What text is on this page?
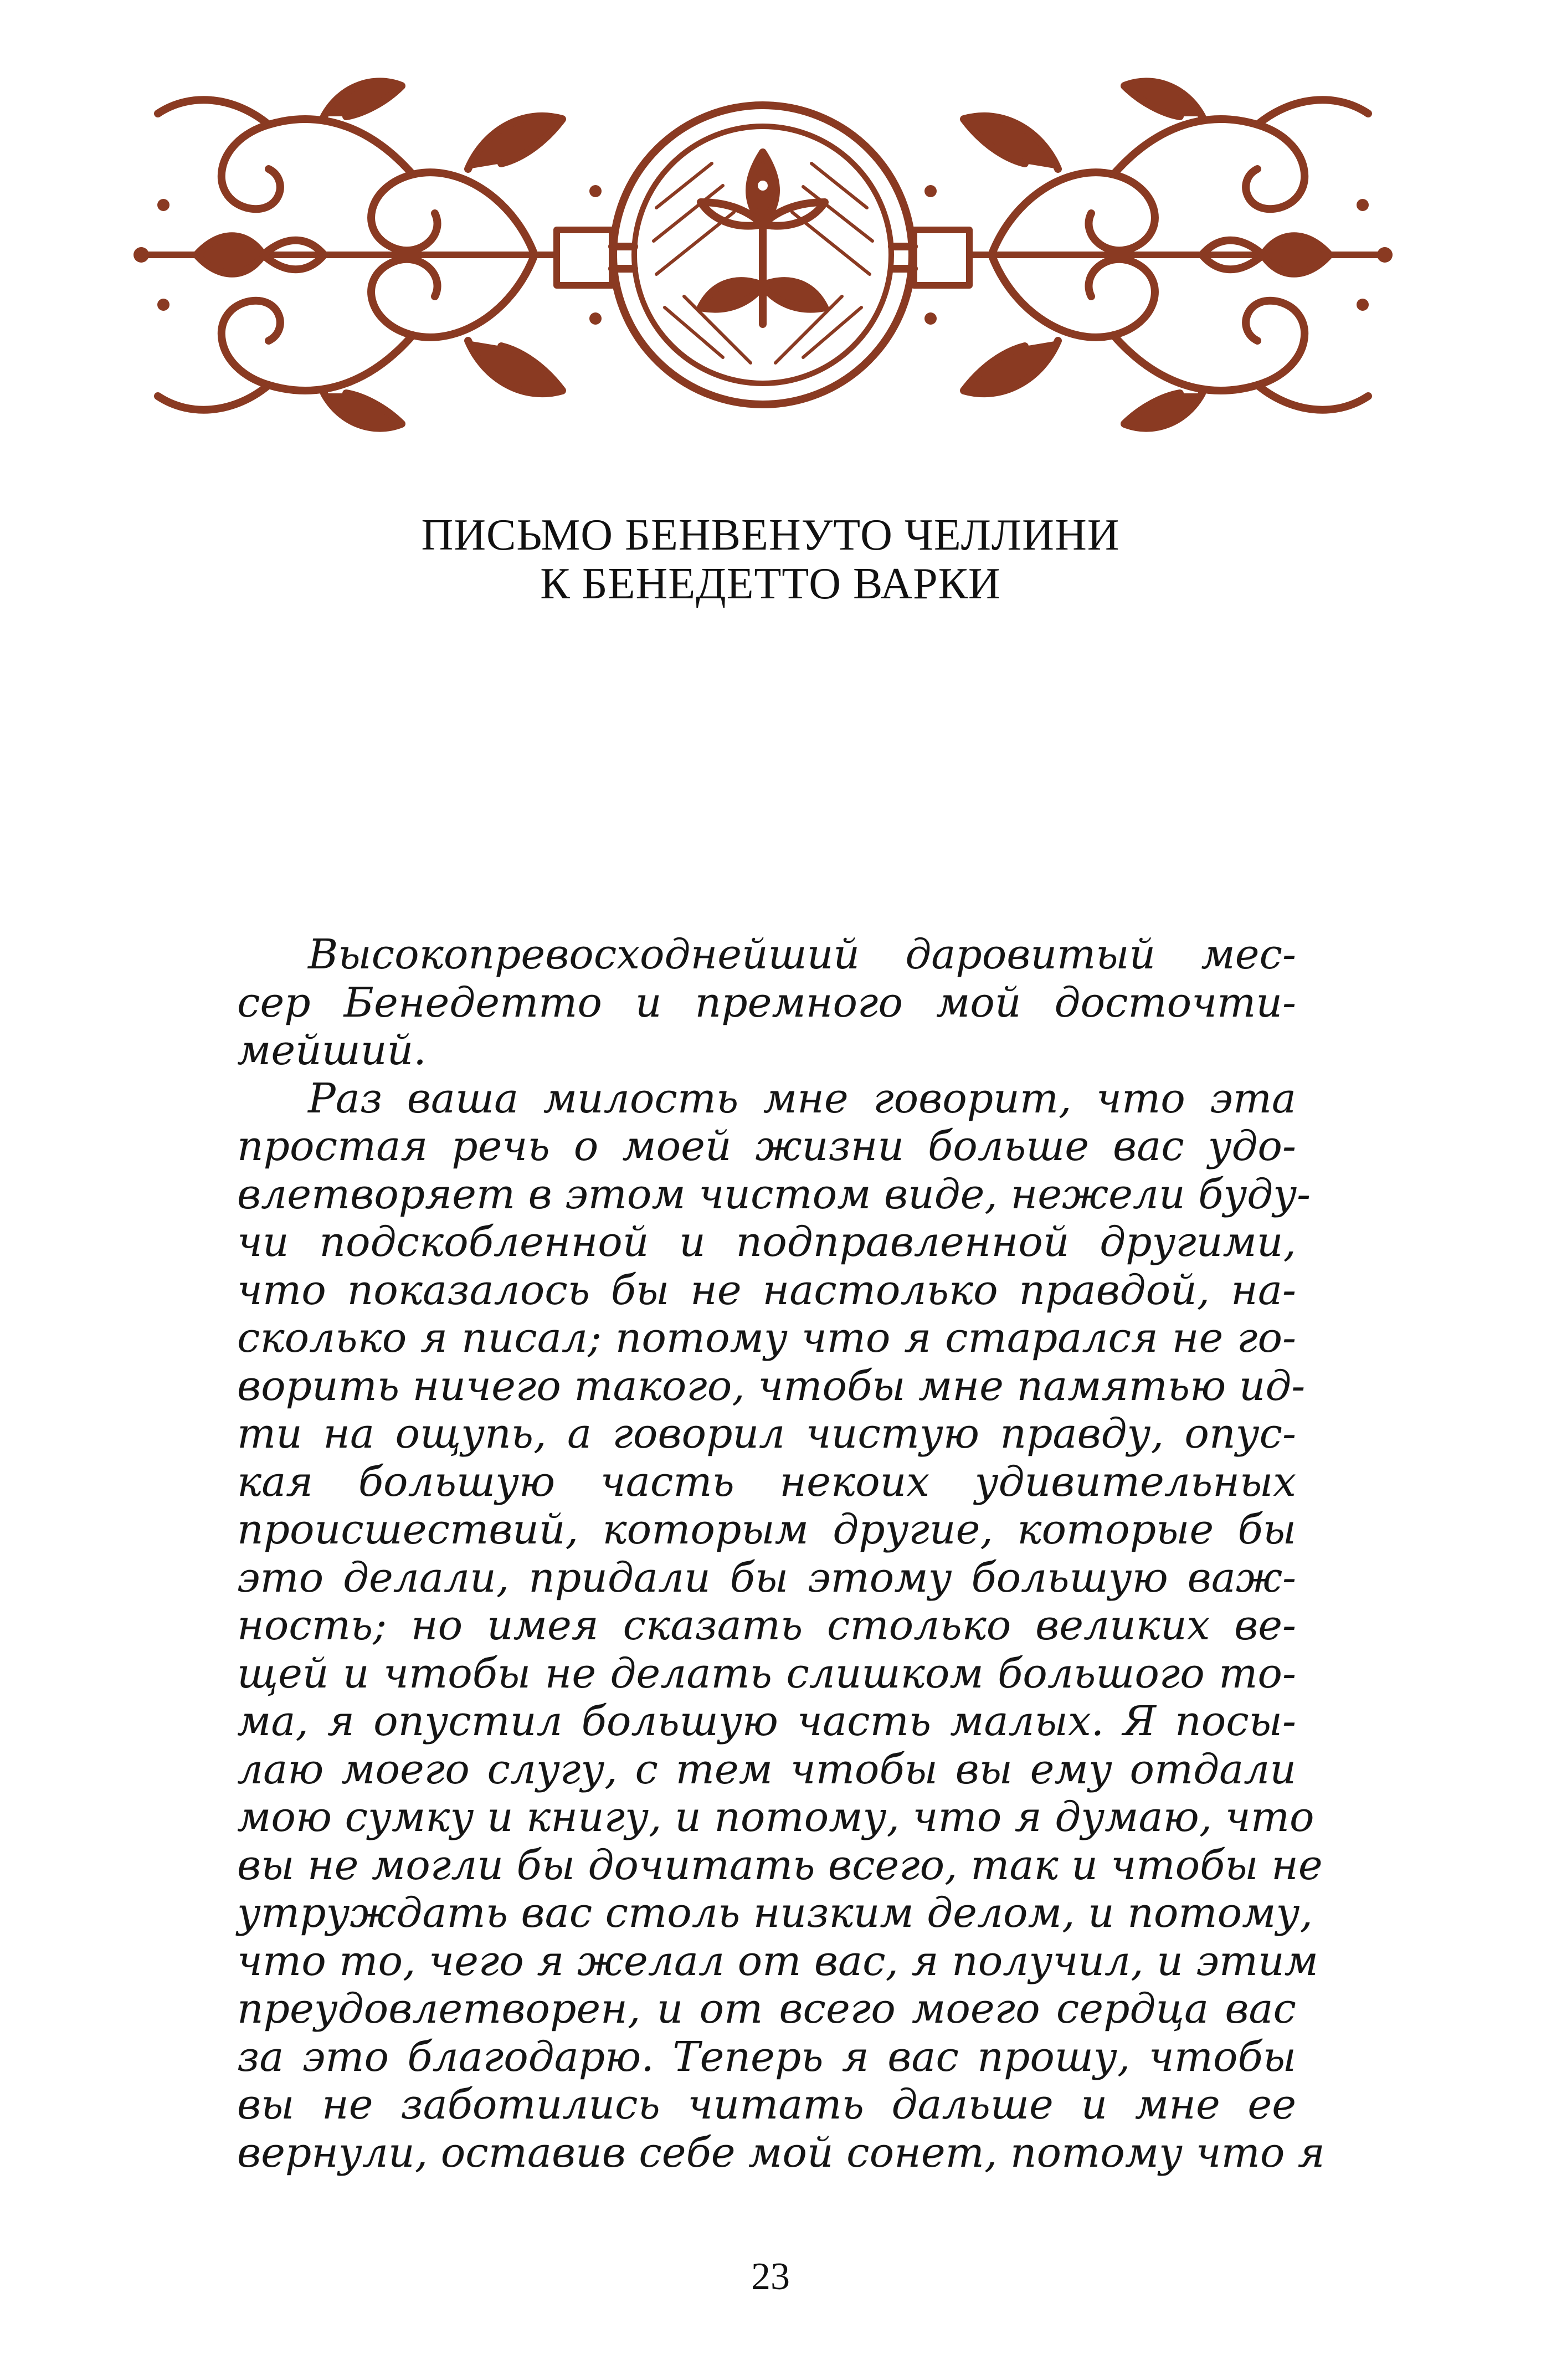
ПИСЬМО БЕНВЕНУТО ЧЕЛЛИНИ
К БЕНЕДЕТТО ВАРКИ
Высокопревосходнейший даровитый мес-
сер Бенедетто и премного мой досточти-
мейший.
Раз ваша милость мне говорит, что эта
простая речь о моей жизни больше вас удо-
влетворяет в этом чистом виде, нежели буду-
чи подскобленной и подправленной другими,
что показалось бы не настолько правдой, на-
сколько я писал; потому что я старался не го-
ворить ничего такого, чтобы мне памятью ид-
ти на ощупь, а говорил чистую правду, опус-
кая большую часть некоих удивительных
происшествий, которым другие, которые бы
это делали, придали бы этому большую важ-
ность; но имея сказать столько великих ве-
щей и чтобы не делать слишком большого то-
ма, я опустил большую часть малых. Я посы-
лаю моего слугу, с тем чтобы вы ему отдали
мою сумку и книгу, и потому, что я думаю, что
вы не могли бы дочитать всего, так и чтобы не
утруждать вас столь низким делом, и потому,
что то, чего я желал от вас, я получил, и этим
преудовлетворен, и от всего моего сердца вас
за это благодарю. Теперь я вас прошу, чтобы
вы не заботились читать дальше и мне ее
вернули, оставив себе мой сонет, потому что я
23
